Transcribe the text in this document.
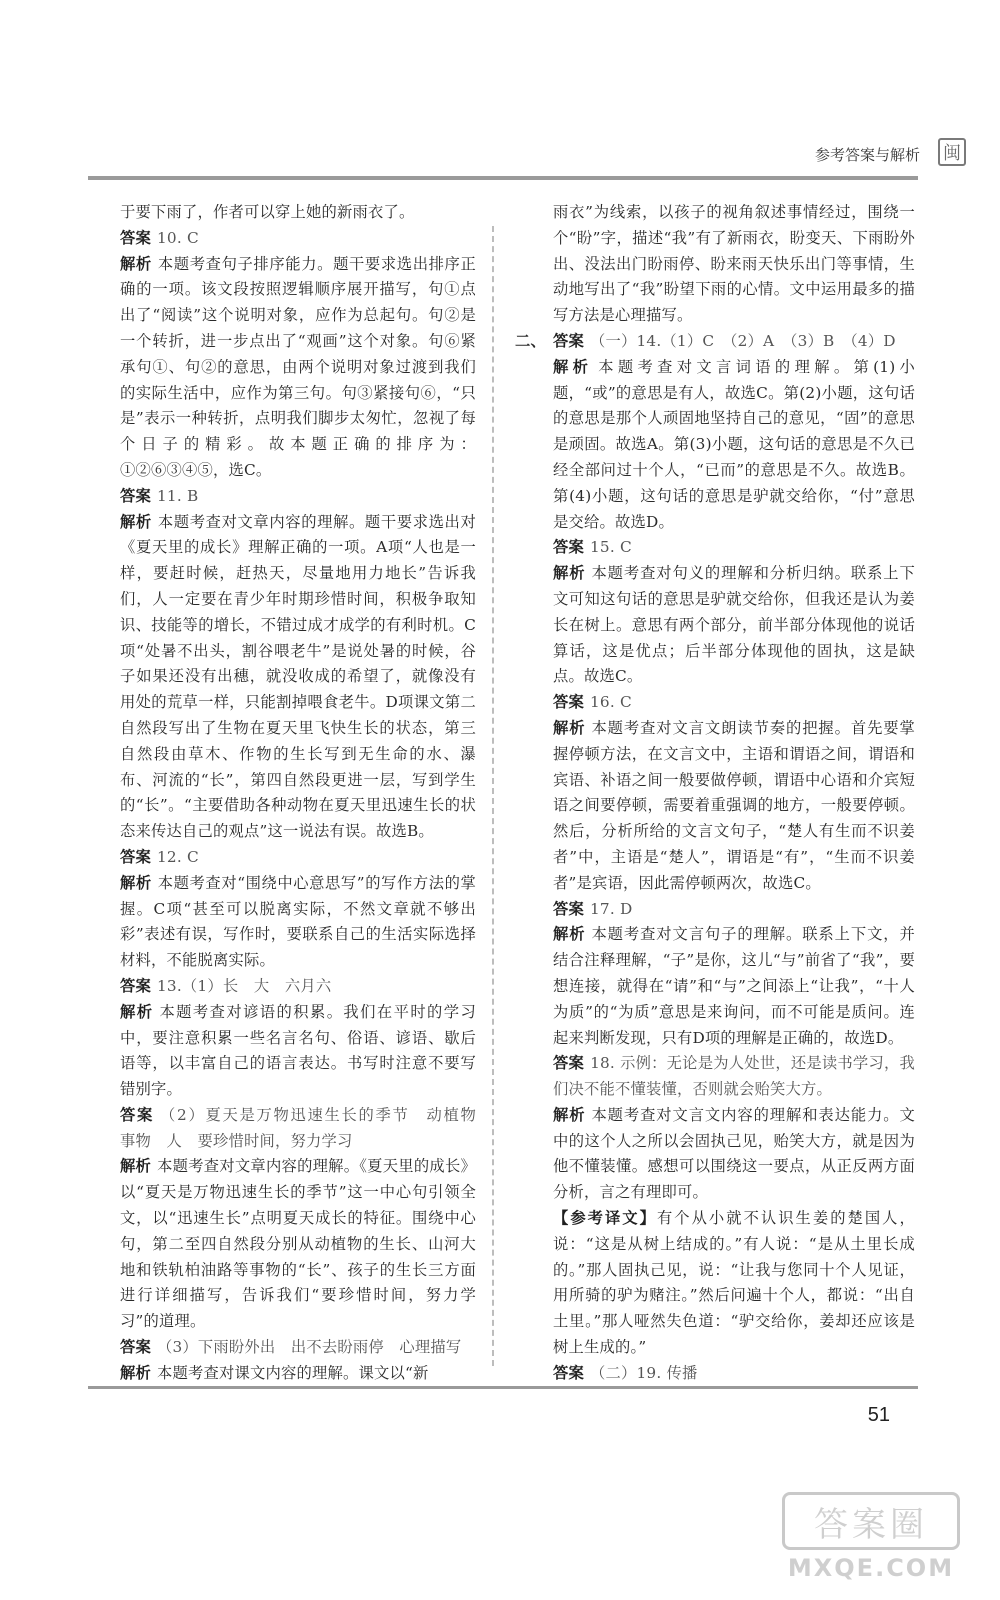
参考答案与解析 闽

于要下雨了，作者可以穿上她的新雨衣了。

答案 10. C

解析 本题考查句子排序能力。题干要求选出排序正确的一项。该文段按照逻辑顺序展开描写，句①点出了“阅读”这个说明对象，应作为总起句。句②是一个转折，进一步点出了“观画”这个对象。句⑥紧承句①、句②的意思，由两个说明对象过渡到我们的实际生活中，应作为第三句。句③紧接句⑥，“只是”表示一种转折，点明我们脚步太匆忙，忽视了每个日子的精彩。故本题正确的排序为：①②⑥③④⑤，选C。

答案 11. B

解析 本题考查对文章内容的理解。题干要求选出对《夏天里的成长》理解正确的一项。A项“人也是一样，要赶时候，赶热天，尽量地用力地长”告诉我们，人一定要在青少年时期珍惜时间，积极争取知识、技能等的增长，不错过成才成学的有利时机。C项“处暑不出头，割谷喂老牛”是说处暑的时候，谷子如果还没有出穗，就没收成的希望了，就像没有用处的荒草一样，只能割掉喂食老牛。D项课文第二自然段写出了生物在夏天里飞快生长的状态，第三自然段由草木、作物的生长写到无生命的水、瀑布、河流的“长”，第四自然段更进一层，写到学生的“长”。“主要借助各种动物在夏天里迅速生长的状态来传达自己的观点”这一说法有误。故选B。

答案 12. C

解析 本题考查对“围绕中心意思写”的写作方法的掌握。C项“甚至可以脱离实际，不然文章就不够出彩”表述有误，写作时，要联系自己的生活实际选择材料，不能脱离实际。

答案 13.（1）长　大　六月六

解析 本题考查对谚语的积累。我们在平时的学习中，要注意积累一些名言名句、俗语、谚语、歇后语等，以丰富自己的语言表达。书写时注意不要写错别字。

答案 （2）夏天是万物迅速生长的季节　动植物　事物　人　要珍惜时间，努力学习

解析 本题考查对文章内容的理解。《夏天里的成长》以“夏天是万物迅速生长的季节”这一中心句引领全文，以“迅速生长”点明夏天成长的特征。围绕中心句，第二至四自然段分别从动植物的生长、山河大地和铁轨柏油路等事物的“长”、孩子的生长三方面进行详细描写，告诉我们“要珍惜时间，努力学习”的道理。

答案 （3）下雨盼外出　出不去盼雨停　心理描写

解析 本题考查对课文内容的理解。课文以“新

雨衣”为线索，以孩子的视角叙述事情经过，围绕一个“盼”字，描述“我”有了新雨衣，盼变天、下雨盼外出、没法出门盼雨停、盼来雨天快乐出门等事情，生动地写出了“我”盼望下雨的心情。文中运用最多的描写方法是心理描写。

二、 答案 （一）14.（1）C　（2）A　（3）B　（4）D

解析 本题考查对文言词语的理解。第(1)小题，“或”的意思是有人，故选C。第(2)小题，这句话的意思是那个人顽固地坚持自己的意见，“固”的意思是顽固。故选A。第(3)小题，这句话的意思是不久已经全部问过十个人，“已而”的意思是不久。故选B。第(4)小题，这句话的意思是驴就交给你，“付”意思是交给。故选D。

答案 15. C

解析 本题考查对句义的理解和分析归纳。联系上下文可知这句话的意思是驴就交给你，但我还是认为姜长在树上。意思有两个部分，前半部分体现他的说话算话，这是优点；后半部分体现他的固执，这是缺点。故选C。

答案 16. C

解析 本题考查对文言文朗读节奏的把握。首先要掌握停顿方法，在文言文中，主语和谓语之间，谓语和宾语、补语之间一般要做停顿，谓语中心语和介宾短语之间要停顿，需要着重强调的地方，一般要停顿。然后，分析所给的文言文句子，“楚人有生而不识姜者”中，主语是“楚人”，谓语是“有”，“生而不识姜者”是宾语，因此需停顿两次，故选C。

答案 17. D

解析 本题考查对文言句子的理解。联系上下文，并结合注释理解，“子”是你，这儿“与”前省了“我”，要想连接，就得在“请”和“与”之间添上“让我”，“十人为质”的“为质”意思是来询问，而不可能是质问。连起来判断发现，只有D项的理解是正确的，故选D。

答案 18. 示例：无论是为人处世，还是读书学习，我们决不能不懂装懂，否则就会贻笑大方。

解析 本题考查对文言文内容的理解和表达能力。文中的这个人之所以会固执己见，贻笑大方，就是因为他不懂装懂。感想可以围绕这一要点，从正反两方面分析，言之有理即可。

【参考译文】有个从小就不认识生姜的楚国人，说：“这是从树上结成的。”有人说：“是从土里长成的。”那人固执己见，说：“让我与您同十个人见证，用所骑的驴为赌注。”然后问遍十个人，都说：“出自土里。”那人哑然失色道：“驴交给你，姜却还应该是树上生成的。”

答案 （二）19. 传播

51
答案圈
MXQE.COM
